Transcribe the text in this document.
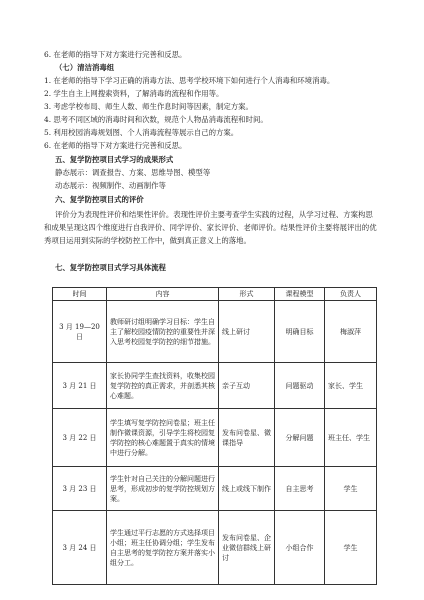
6. 在老师的指导下对方案进行完善和反思。
（七）清洁消毒组
1. 在老师的指导下学习正确的消毒方法、思考学校环境下如何进行个人消毒和环境消毒。
2. 学生自主上网搜索资料，了解消毒的流程和作用等。
3. 考虑学校布局、师生人数、师生作息时间等因素，制定方案。
4. 思考不同区域的消毒时间和次数，规范个人物品消毒流程和时间。
5. 利用校园消毒规划图、个人消毒流程等展示自己的方案。
6. 在老师的指导下对方案进行完善和反思。
五、复学防控项目式学习的成果形式
静态展示：调查报告、方案、思维导图、模型等
动态展示：视频制作、动画制作等
六、复学防控项目式的评价
评价分为表现性评价和结果性评价。表现性评价主要考查学生实践的过程，从学习过程、方案构思和成果呈现这四个维度进行自我评价、同学评价、家长评价、老师评价。结果性评价主要将展评出的优秀项目运用到实际的学校防控工作中，做到真正意义上的落地。
七、复学防控项目式学习具体流程
时间	内容	形式	课程模型	负责人
3 月 19—20 日	教师研讨组明确学习目标：学生自主了解校园疫情防控的重要性并深入思考校园复学防控的细节措施。	线上研讨	明确目标	梅淑萍
3 月 21 日	家长协同学生查找资料，收集校园复学防控的真正需求，并剖悉其核心难题。	亲子互动	问题驱动	家长、学生
3 月 22 日	学生填写复学防控问卷星；班主任制作微课资源，引导学生将校园复学防控的核心难题置于真实的情境中进行分解。	发布问卷星、微课指导	分解问题	班主任、学生
3 月 23 日	学生针对自己关注的分解问题进行思考，形成初步的复学防控规划方案。	线上或线下制作	自主思考	学生
3 月 24 日	学生通过平行志愿的方式选择项目小组；班主任协调分组；学生发布自主思考的复学防控方案并落实小组分工。	发布问卷星、企业微信群线上研讨	小组合作	学生
